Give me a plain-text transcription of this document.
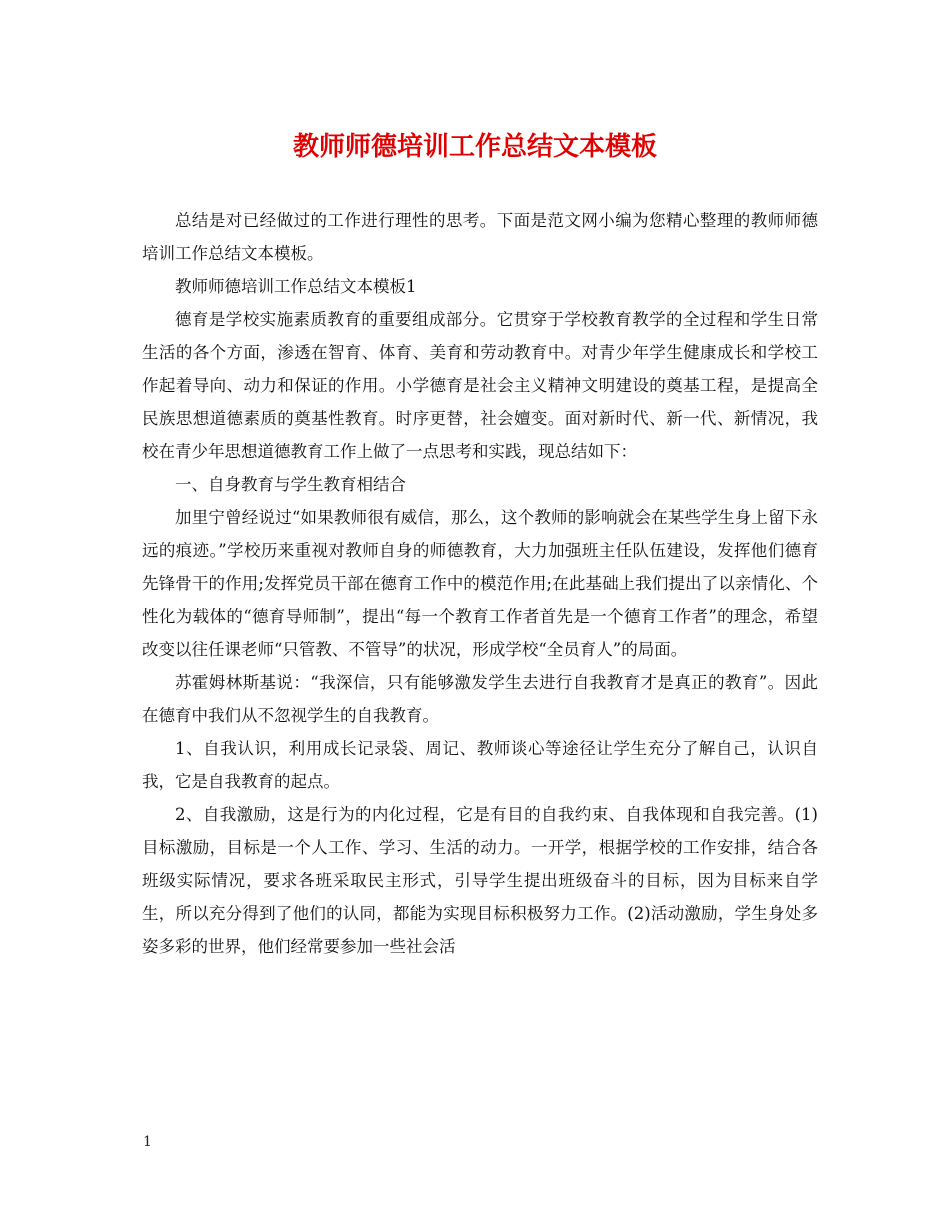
教师师德培训工作总结文本模板

总结是对已经做过的工作进行理性的思考。下面是范文网小编为您精心整理的教师师德培训工作总结文本模板。

教师师德培训工作总结文本模板1

德育是学校实施素质教育的重要组成部分。它贯穿于学校教育教学的全过程和学生日常生活的各个方面，渗透在智育、体育、美育和劳动教育中。对青少年学生健康成长和学校工作起着导向、动力和保证的作用。小学德育是社会主义精神文明建设的奠基工程，是提高全民族思想道德素质的奠基性教育。时序更替，社会嬗变。面对新时代、新一代、新情况，我校在青少年思想道德教育工作上做了一点思考和实践，现总结如下：

一、自身教育与学生教育相结合

加里宁曾经说过“如果教师很有威信，那么，这个教师的影响就会在某些学生身上留下永远的痕迹。”学校历来重视对教师自身的师德教育，大力加强班主任队伍建设，发挥他们德育先锋骨干的作用;发挥党员干部在德育工作中的模范作用;在此基础上我们提出了以亲情化、个性化为载体的“德育导师制”，提出“每一个教育工作者首先是一个德育工作者”的理念，希望改变以往任课老师“只管教、不管导”的状况，形成学校“全员育人”的局面。

苏霍姆林斯基说：“我深信，只有能够激发学生去进行自我教育才是真正的教育”。因此在德育中我们从不忽视学生的自我教育。

1、自我认识，利用成长记录袋、周记、教师谈心等途径让学生充分了解自己，认识自我，它是自我教育的起点。

2、自我激励，这是行为的内化过程，它是有目的自我约束、自我体现和自我完善。(1)目标激励，目标是一个人工作、学习、生活的动力。一开学，根据学校的工作安排，结合各班级实际情况，要求各班采取民主形式，引导学生提出班级奋斗的目标，因为目标来自学生，所以充分得到了他们的认同，都能为实现目标积极努力工作。(2)活动激励，学生身处多姿多彩的世界，他们经常要参加一些社会活

1
